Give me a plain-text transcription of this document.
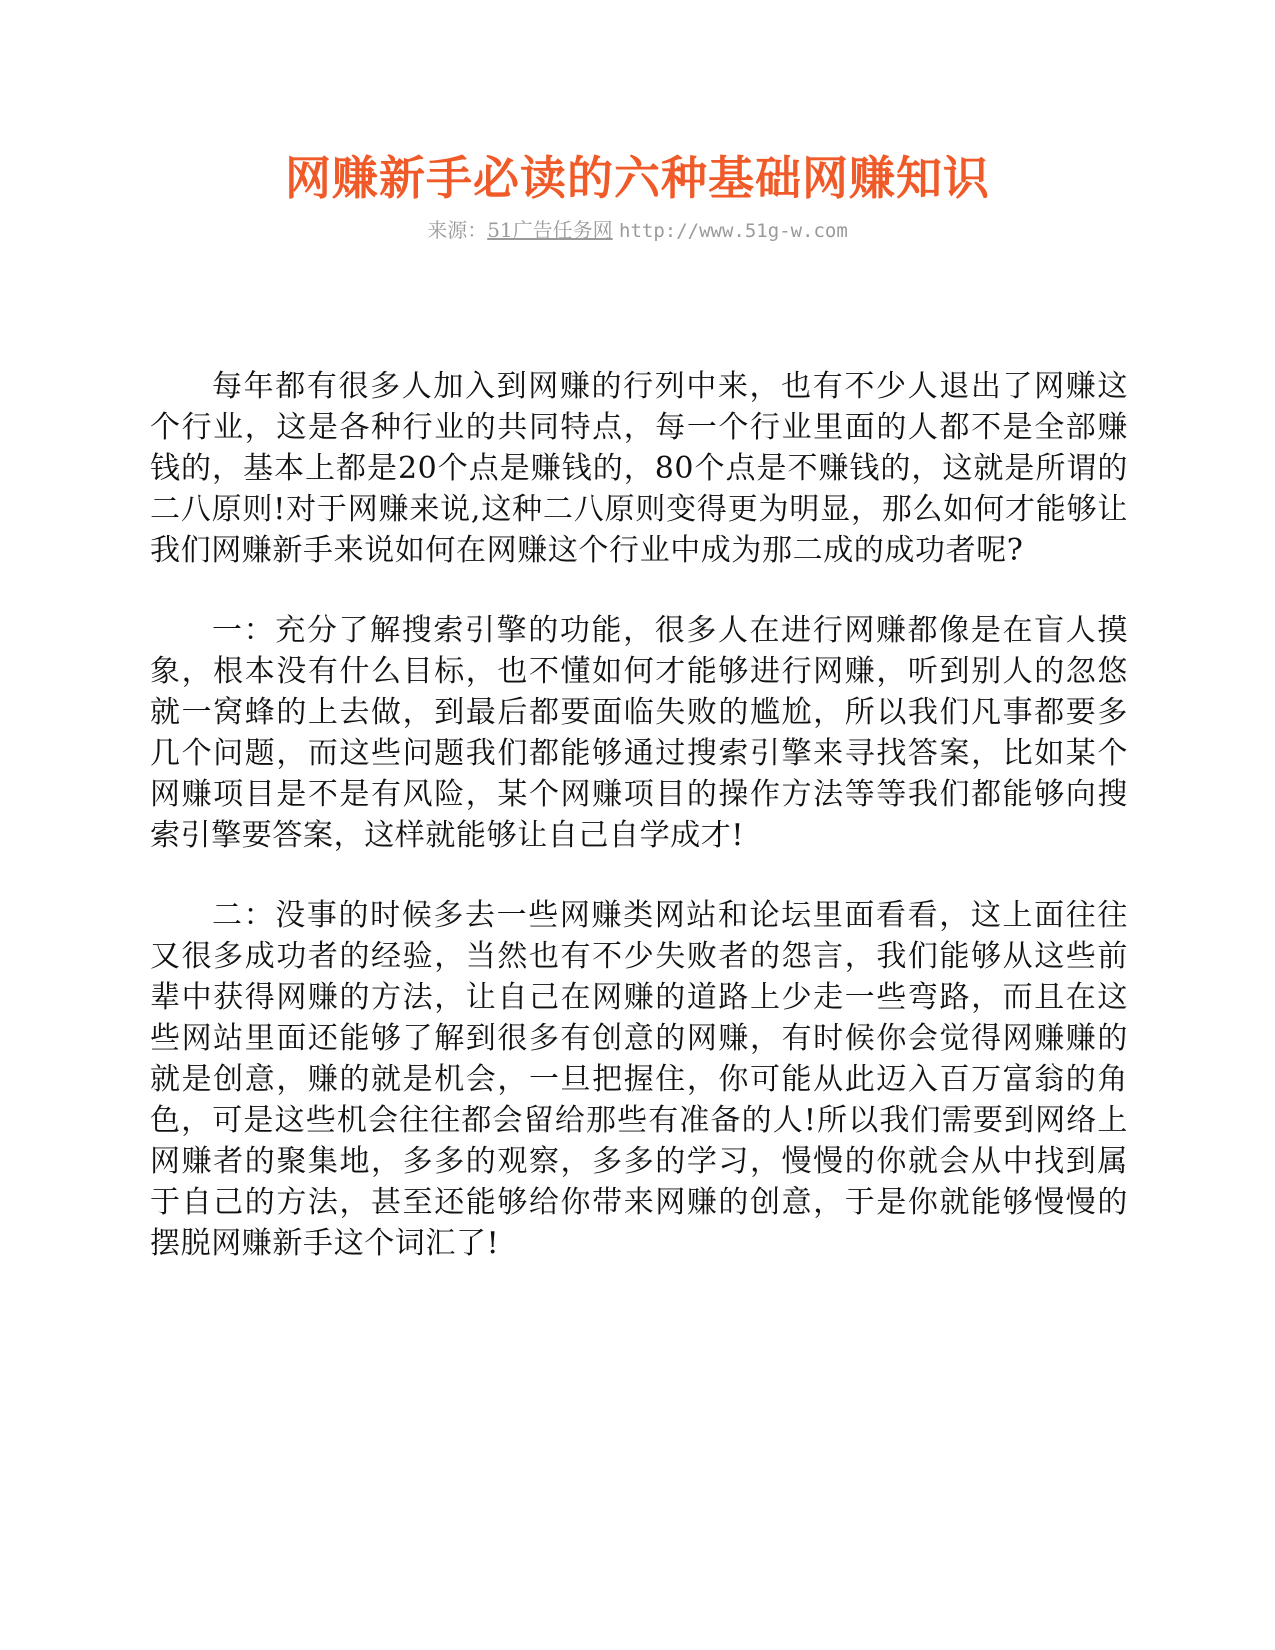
网赚新手必读的六种基础网赚知识
来源：51广告任务网 http://www.51g-w.com

每年都有很多人加入到网赚的行列中来，也有不少人退出了网赚这个行业，这是各种行业的共同特点，每一个行业里面的人都不是全部赚钱的，基本上都是20个点是赚钱的，80个点是不赚钱的，这就是所谓的二八原则!对于网赚来说,这种二八原则变得更为明显，那么如何才能够让我们网赚新手来说如何在网赚这个行业中成为那二成的成功者呢?

一：充分了解搜索引擎的功能，很多人在进行网赚都像是在盲人摸象，根本没有什么目标，也不懂如何才能够进行网赚，听到别人的忽悠就一窝蜂的上去做，到最后都要面临失败的尴尬，所以我们凡事都要多几个问题，而这些问题我们都能够通过搜索引擎来寻找答案，比如某个网赚项目是不是有风险，某个网赚项目的操作方法等等我们都能够向搜索引擎要答案，这样就能够让自己自学成才!

二：没事的时候多去一些网赚类网站和论坛里面看看，这上面往往又很多成功者的经验，当然也有不少失败者的怨言，我们能够从这些前辈中获得网赚的方法，让自己在网赚的道路上少走一些弯路，而且在这些网站里面还能够了解到很多有创意的网赚，有时候你会觉得网赚赚的就是创意，赚的就是机会，一旦把握住，你可能从此迈入百万富翁的角色，可是这些机会往往都会留给那些有准备的人!所以我们需要到网络上网赚者的聚集地，多多的观察，多多的学习，慢慢的你就会从中找到属于自己的方法，甚至还能够给你带来网赚的创意，于是你就能够慢慢的摆脱网赚新手这个词汇了!
